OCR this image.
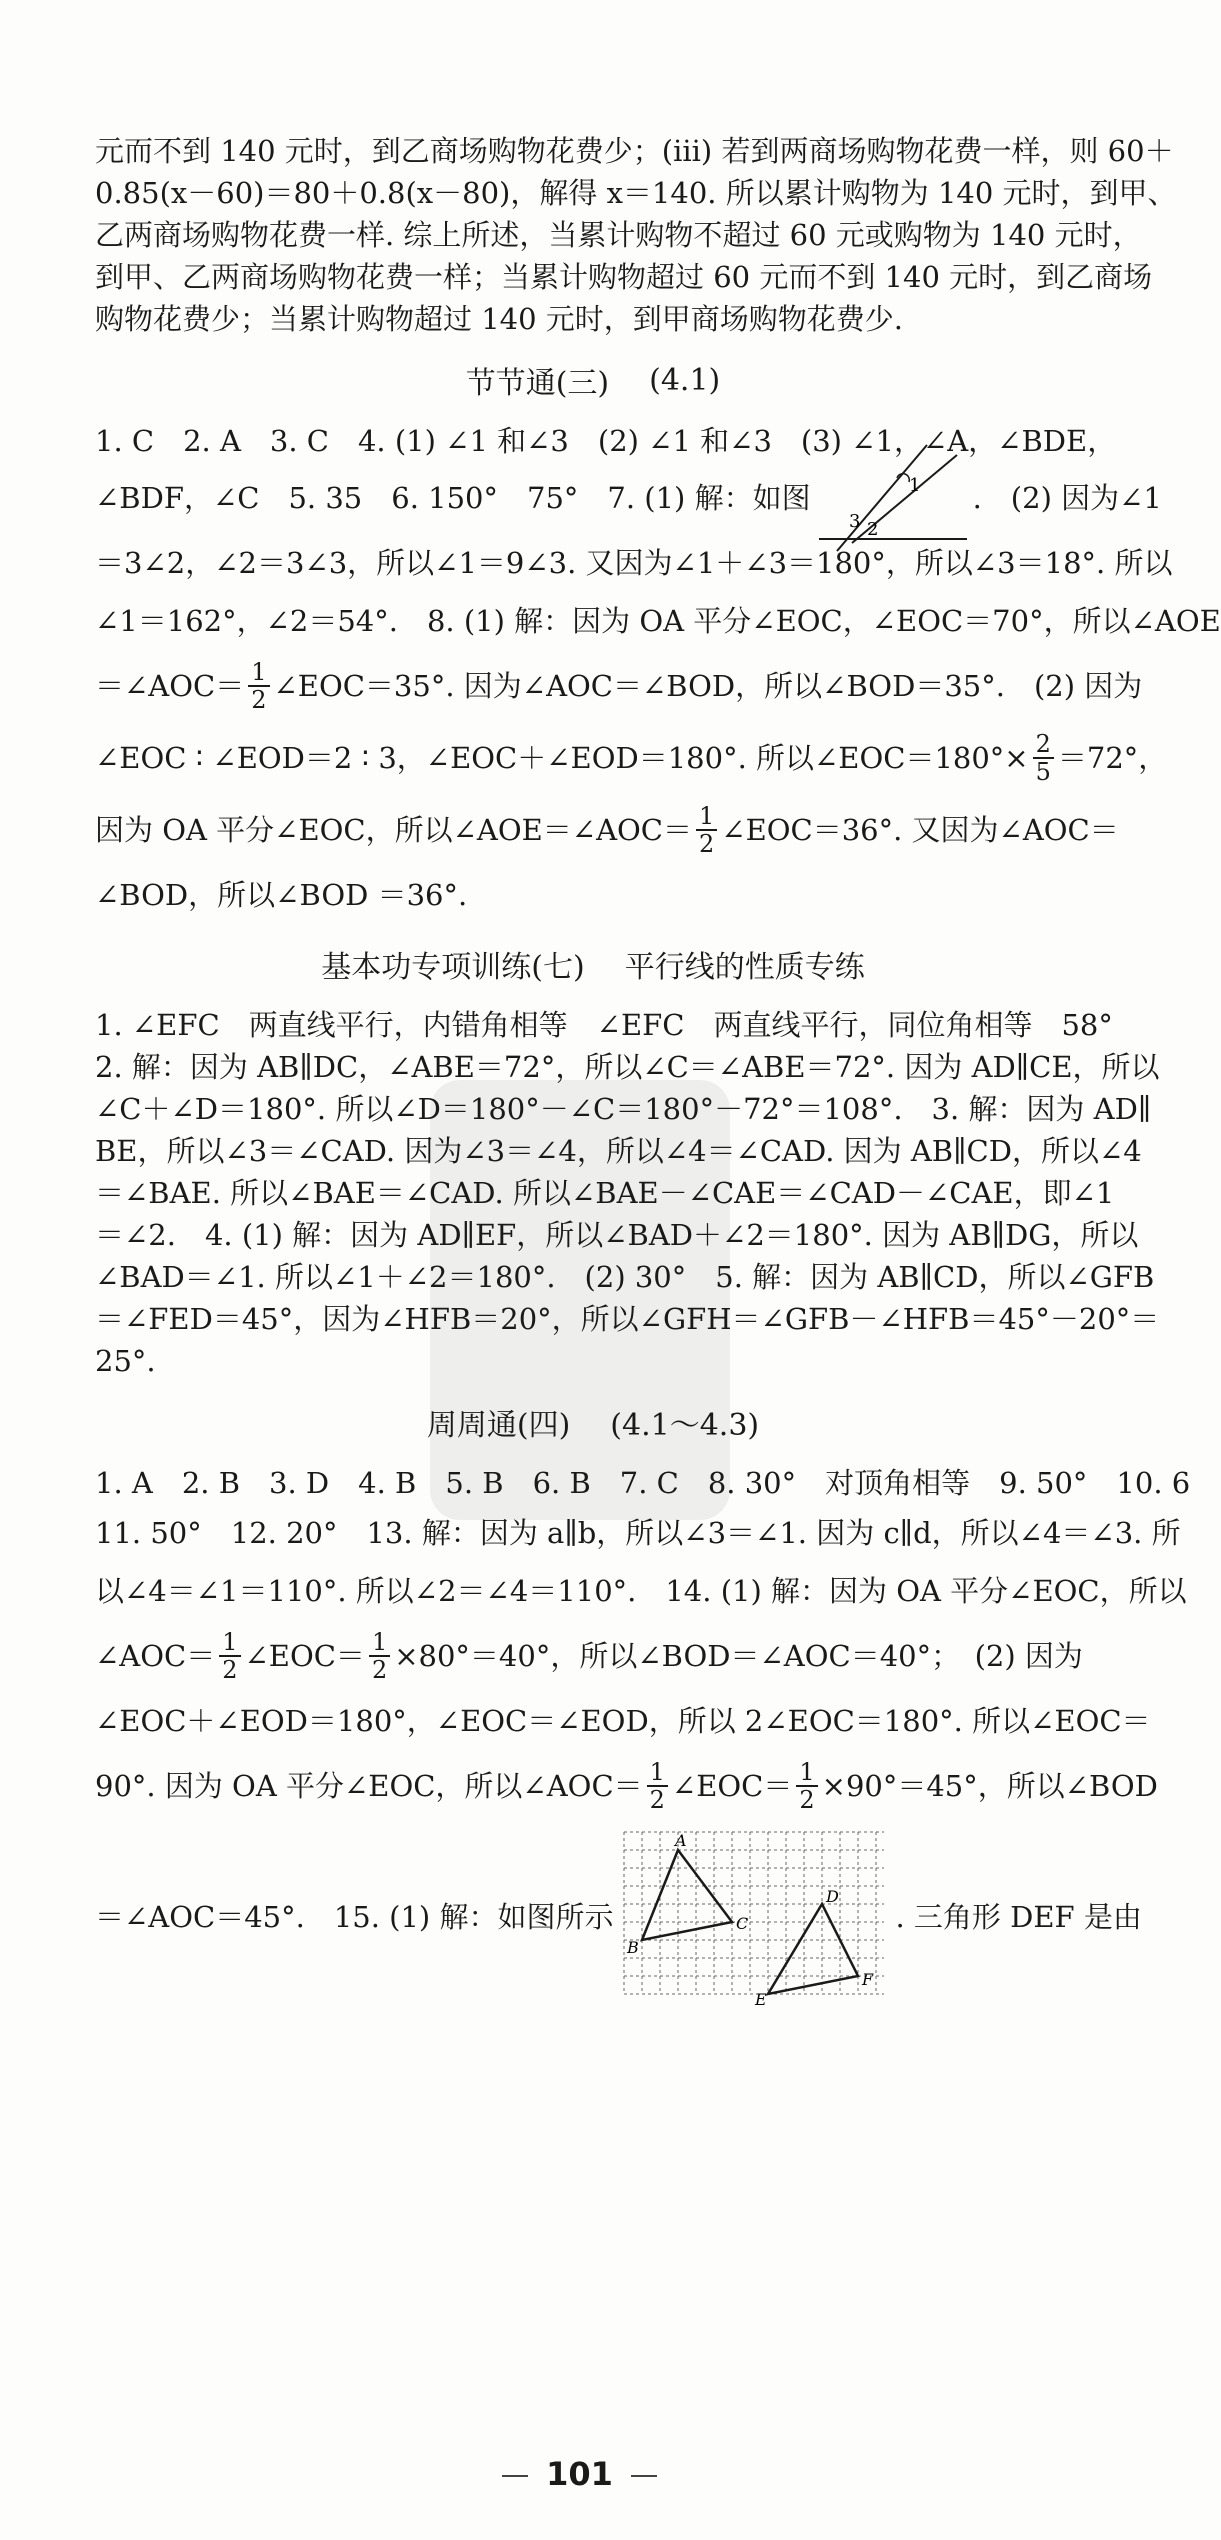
元而不到 140 元时，到乙商场购物花费少；(iii) 若到两商场购物花费一样，则 60＋
0.85(x－60)＝80＋0.8(x－80)，解得 x＝140. 所以累计购物为 140 元时，到甲、
乙两商场购物花费一样. 综上所述，当累计购物不超过 60 元或购物为 140 元时，
到甲、乙两商场购物花费一样；当累计购物超过 60 元而不到 140 元时，到乙商场
购物花费少；当累计购物超过 140 元时，到甲商场购物花费少.
节节通(三) (4.1)
1. C　2. A　3. C　4. (1) ∠1 和∠3　(2) ∠1 和∠3　(3) ∠1，∠A，∠BDE，
∠BDF，∠C　5. 35　6. 150°　75°　7. (1) 解：如图	1
2
3
.　(2) 因为∠1
＝3∠2，∠2＝3∠3，所以∠1＝9∠3. 又因为∠1＋∠3＝180°，所以∠3＝18°. 所以
∠1＝162°，∠2＝54°.　8. (1) 解：因为 OA 平分∠EOC，∠EOC＝70°，所以∠AOE
＝∠AOC＝ $\frac{1}{2}$ ∠EOC＝35°. 因为∠AOC＝∠BOD，所以∠BOD＝35°.　(2) 因为
∠EOC ∶ ∠EOD＝2 ∶ 3，∠EOC＋∠EOD＝180°. 所以∠EOC＝180°× $\frac{2}{5} =72^\circ$，
因为 OA 平分∠EOC，所以∠AOE＝∠AOC＝ $\frac{1}{2}$ ∠EOC＝36°. 又因为∠AOC＝
∠BOD，所以∠BOD ＝36°.
基本功专项训练(七) 平行线的性质专练
1. ∠EFC　两直线平行，内错角相等　∠EFC　两直线平行，同位角相等　58°
2. 解：因为 AB∥DC，∠ABE＝72°，所以∠C＝∠ABE＝72°. 因为 AD∥CE，所以
∠C＋∠D＝180°. 所以∠D＝180°－∠C＝180°－72°＝108°.　3. 解：因为 AD∥
BE，所以∠3＝∠CAD. 因为∠3＝∠4，所以∠4＝∠CAD. 因为 AB∥CD，所以∠4
＝∠BAE. 所以∠BAE＝∠CAD. 所以∠BAE－∠CAE＝∠CAD－∠CAE，即∠1
＝∠2.　4. (1) 解：因为 AD∥EF，所以∠BAD＋∠2＝180°. 因为 AB∥DG，所以
∠BAD＝∠1. 所以∠1＋∠2＝180°.　(2) 30°　5. 解：因为 AB∥CD，所以∠GFB
＝∠FED＝45°，因为∠HFB＝20°，所以∠GFH＝∠GFB－∠HFB＝45°－20°＝
25°.
周周通(四) (4.1～4.3)
1. A　2. B　3. D　4. B　5. B　6. B　7. C　8. 30°　对顶角相等　9. 50°　10. 6
11. 50°　12. 20°　13. 解：因为 a∥b，所以∠3＝∠1. 因为 c∥d，所以∠4＝∠3. 所
以∠4＝∠1＝110°. 所以∠2＝∠4＝110°.　14. (1) 解：因为 OA 平分∠EOC，所以
∠AOC＝ $\frac{1}{2}$ ∠EOC＝ $\frac{1}{2} \times 80^\circ=40^\circ$，所以∠BOD＝∠AOC＝40°；　(2) 因为
∠EOC＋∠EOD＝180°，∠EOC＝∠EOD，所以 2∠EOC＝180°. 所以∠EOC＝
90°. 因为 OA 平分∠EOC，所以∠AOC＝ $\frac{1}{2}$ ∠EOC＝ $\frac{1}{2} \times 90^\circ=45^\circ$，所以∠BOD
＝∠AOC＝45°.　15. (1) 解：如图所示
A
B
C
D
E
F
. 三角形 DEF 是由
101
